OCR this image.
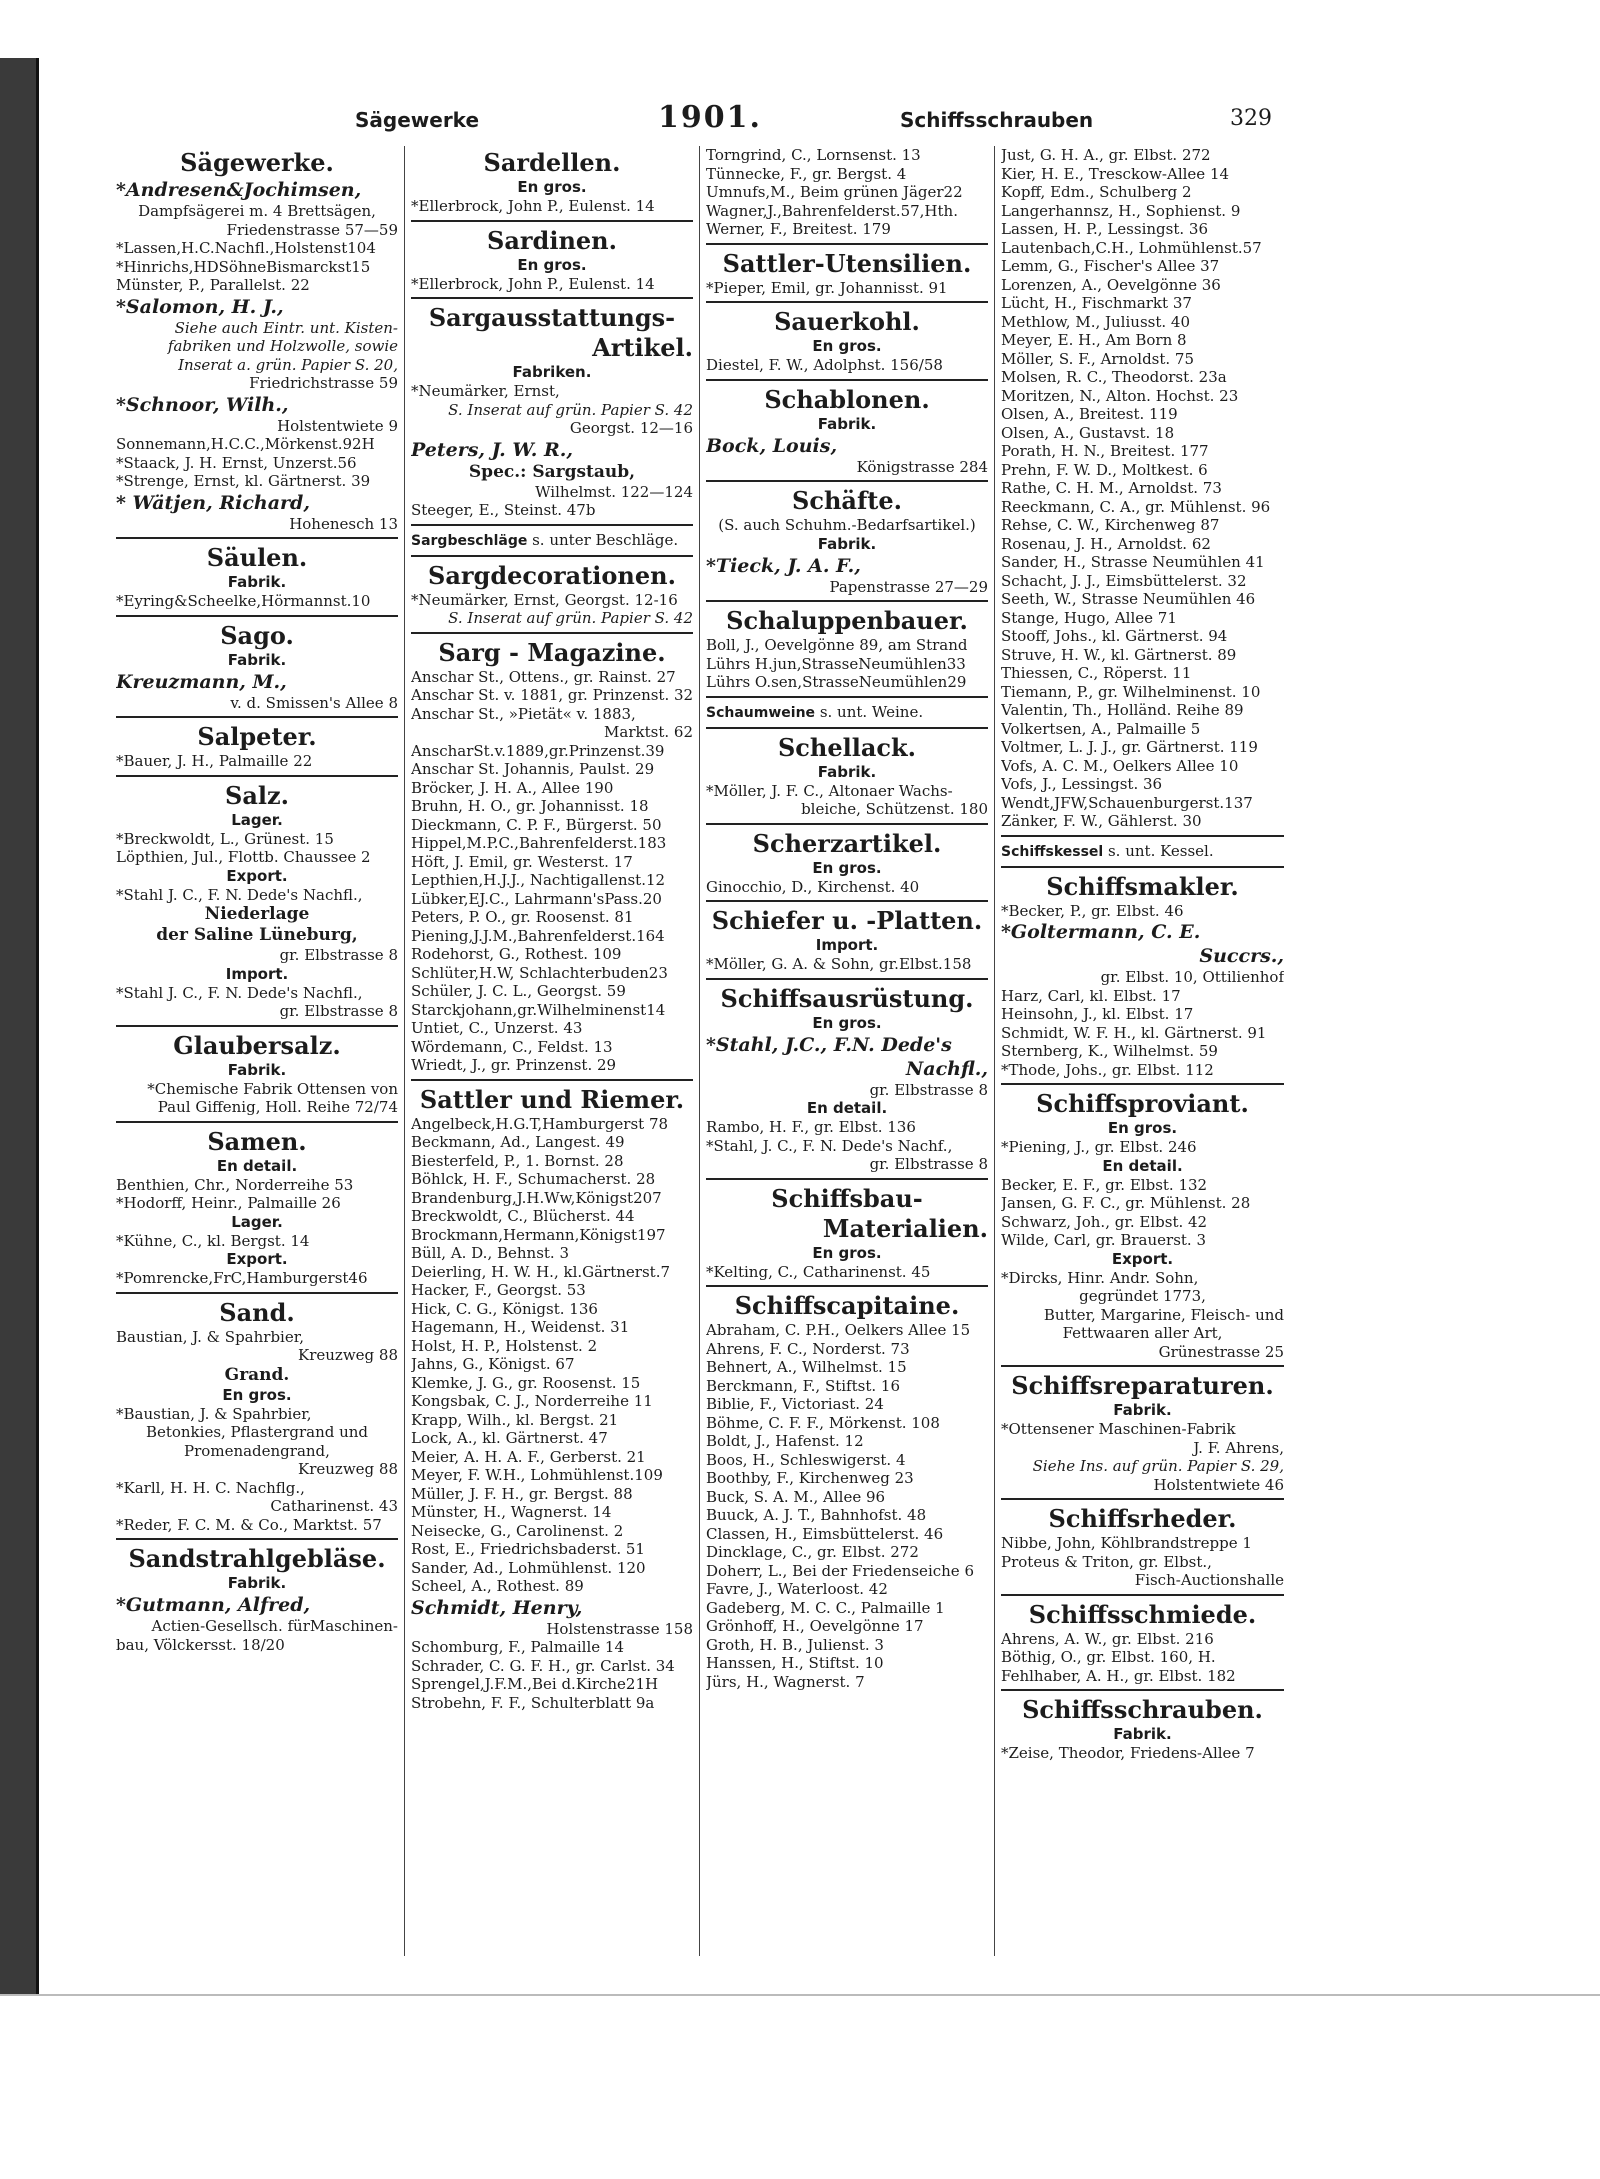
Sägewerke	1901.	Schiffsschrauben	329
Sägewerke.
*Andresen&Jochimsen,
Dampfsägerei m. 4 Brettsägen,
Friedenstrasse 57—59
*Lassen,H.C.Nachfl.,Holstenst104
*Hinrichs,HDSöhneBismarckst15
Münster, P., Parallelst. 22
*Salomon, H. J.,
Siehe auch Eintr. unt. Kisten-
fabriken und Holzwolle, sowie
Inserat a. grün. Papier S. 20,
Friedrichstrasse 59
*Schnoor, Wilh.,
Holstentwiete 9
Sonnemann,H.C.C.,Mörkenst.92H
*Staack, J. H. Ernst, Unzerst.56
*Strenge, Ernst, kl. Gärtnerst. 39
* Wätjen, Richard,
Hohenesch 13
Säulen.
Fabrik.
*Eyring&Scheelke,Hörmannst.10
Sago.
Fabrik.
Kreuzmann, M.,
v. d. Smissen's Allee 8
Salpeter.
*Bauer, J. H., Palmaille 22
Salz.
Lager.
*Breckwoldt, L., Grünest. 15
Löpthien, Jul., Flottb. Chaussee 2
Export.
*Stahl J. C., F. N. Dede's Nachfl.,
Niederlage
der Saline Lüneburg,
gr. Elbstrasse 8
Import.
*Stahl J. C., F. N. Dede's Nachfl.,
gr. Elbstrasse 8
Glaubersalz.
Fabrik.
*Chemische Fabrik Ottensen von
Paul Giffenig, Holl. Reihe 72/74
Samen.
En detail.
Benthien, Chr., Norderreihe 53
*Hodorff, Heinr., Palmaille 26
Lager.
*Kühne, C., kl. Bergst. 14
Export.
*Pomrencke,FrC,Hamburgerst46
Sand.
Baustian, J. & Spahrbier,
Kreuzweg 88
Grand.
En gros.
*Baustian, J. & Spahrbier,
Betonkies, Pflastergrand und
Promenadengrand,
Kreuzweg 88
*Karll, H. H. C. Nachflg.,
Catharinenst. 43
*Reder, F. C. M. & Co., Marktst. 57
Sandstrahlgebläse.
Fabrik.
*Gutmann, Alfred,
Actien-Gesellsch. fürMaschinen-
bau, Völckersst. 18/20
Sardellen.
En gros.
*Ellerbrock, John P., Eulenst. 14
Sardinen.
En gros.
*Ellerbrock, John P., Eulenst. 14
Sargausstattungs-
Artikel.
Fabriken.
*Neumärker, Ernst,
S. Inserat auf grün. Papier S. 42
Georgst. 12—16
Peters, J. W. R.,
Spec.: Sargstaub,
Wilhelmst. 122—124
Steeger, E., Steinst. 47b
Sargbeschläge s. unter Beschläge.
Sargdecorationen.
*Neumärker, Ernst, Georgst. 12-16
S. Inserat auf grün. Papier S. 42
Sarg - Magazine.
Anschar St., Ottens., gr. Rainst. 27
Anschar St. v. 1881, gr. Prinzenst. 32
Anschar St., »Pietät« v. 1883,
Marktst. 62
AnscharSt.v.1889,gr.Prinzenst.39
Anschar St. Johannis, Paulst. 29
Bröcker, J. H. A., Allee 190
Bruhn, H. O., gr. Johannisst. 18
Dieckmann, C. P. F., Bürgerst. 50
Hippel,M.P.C.,Bahrenfelderst.183
Höft, J. Emil, gr. Westerst. 17
Lepthien,H.J.J., Nachtigallenst.12
Lübker,EJ.C., Lahrmann'sPass.20
Peters, P. O., gr. Roosenst. 81
Piening,J.J.M.,Bahrenfelderst.164
Rodehorst, G., Rothest. 109
Schlüter,H.W, Schlachterbuden23
Schüler, J. C. L., Georgst. 59
Starckjohann,gr.Wilhelminenst14
Untiet, C., Unzerst. 43
Wördemann, C., Feldst. 13
Wriedt, J., gr. Prinzenst. 29
Sattler und Riemer.
Angelbeck,H.G.T,Hamburgerst 78
Beckmann, Ad., Langest. 49
Biesterfeld, P., 1. Bornst. 28
Böhlck, H. F., Schumacherst. 28
Brandenburg,J.H.Ww,Königst207
Breckwoldt, C., Blücherst. 44
Brockmann,Hermann,Königst197
Büll, A. D., Behnst. 3
Deierling, H. W. H., kl.Gärtnerst.7
Hacker, F., Georgst. 53
Hick, C. G., Königst. 136
Hagemann, H., Weidenst. 31
Holst, H. P., Holstenst. 2
Jahns, G., Königst. 67
Klemke, J. G., gr. Roosenst. 15
Kongsbak, C. J., Norderreihe 11
Krapp, Wilh., kl. Bergst. 21
Lock, A., kl. Gärtnerst. 47
Meier, A. H. A. F., Gerberst. 21
Meyer, F. W.H., Lohmühlenst.109
Müller, J. F. H., gr. Bergst. 88
Münster, H., Wagnerst. 14
Neisecke, G., Carolinenst. 2
Rost, E., Friedrichsbaderst. 51
Sander, Ad., Lohmühlenst. 120
Scheel, A., Rothest. 89
Schmidt, Henry,
Holstenstrasse 158
Schomburg, F., Palmaille 14
Schrader, C. G. F. H., gr. Carlst. 34
Sprengel,J.F.M.,Bei d.Kirche21H
Strobehn, F. F., Schulterblatt 9a
Torngrind, C., Lornsenst. 13
Tünnecke, F., gr. Bergst. 4
Umnufs,M., Beim grünen Jäger22
Wagner,J.,Bahrenfelderst.57,Hth.
Werner, F., Breitest. 179
Sattler-Utensilien.
*Pieper, Emil, gr. Johannisst. 91
Sauerkohl.
En gros.
Diestel, F. W., Adolphst. 156/58
Schablonen.
Fabrik.
Bock, Louis,
Königstrasse 284
Schäfte.
(S. auch Schuhm.-Bedarfsartikel.)
Fabrik.
*Tieck, J. A. F.,
Papenstrasse 27—29
Schaluppenbauer.
Boll, J., Oevelgönne 89, am Strand
Lührs H.jun,StrasseNeumühlen33
Lührs O.sen,StrasseNeumühlen29
Schaumweine s. unt. Weine.
Schellack.
Fabrik.
*Möller, J. F. C., Altonaer Wachs-
bleiche, Schützenst. 180
Scherzartikel.
En gros.
Ginocchio, D., Kirchenst. 40
Schiefer u. -Platten.
Import.
*Möller, G. A. & Sohn, gr.Elbst.158
Schiffsausrüstung.
En gros.
*Stahl, J.C., F.N. Dede's
Nachfl.,
gr. Elbstrasse 8
En detail.
Rambo, H. F., gr. Elbst. 136
*Stahl, J. C., F. N. Dede's Nachf.,
gr. Elbstrasse 8
Schiffsbau-
Materialien.
En gros.
*Kelting, C., Catharinenst. 45
Schiffscapitaine.
Abraham, C. P.H., Oelkers Allee 15
Ahrens, F. C., Norderst. 73
Behnert, A., Wilhelmst. 15
Berckmann, F., Stiftst. 16
Biblie, F., Victoriast. 24
Böhme, C. F. F., Mörkenst. 108
Boldt, J., Hafenst. 12
Boos, H., Schleswigerst. 4
Boothby, F., Kirchenweg 23
Buck, S. A. M., Allee 96
Buuck, A. J. T., Bahnhofst. 48
Classen, H., Eimsbüttelerst. 46
Dincklage, C., gr. Elbst. 272
Doherr, L., Bei der Friedenseiche 6
Favre, J., Waterloost. 42
Gadeberg, M. C. C., Palmaille 1
Grönhoff, H., Oevelgönne 17
Groth, H. B., Julienst. 3
Hanssen, H., Stiftst. 10
Jürs, H., Wagnerst. 7
Just, G. H. A., gr. Elbst. 272
Kier, H. E., Tresckow-Allee 14
Kopff, Edm., Schulberg 2
Langerhannsz, H., Sophienst. 9
Lassen, H. P., Lessingst. 36
Lautenbach,C.H., Lohmühlenst.57
Lemm, G., Fischer's Allee 37
Lorenzen, A., Oevelgönne 36
Lücht, H., Fischmarkt 37
Methlow, M., Juliusst. 40
Meyer, E. H., Am Born 8
Möller, S. F., Arnoldst. 75
Molsen, R. C., Theodorst. 23a
Moritzen, N., Alton. Hochst. 23
Olsen, A., Breitest. 119
Olsen, A., Gustavst. 18
Porath, H. N., Breitest. 177
Prehn, F. W. D., Moltkest. 6
Rathe, C. H. M., Arnoldst. 73
Reeckmann, C. A., gr. Mühlenst. 96
Rehse, C. W., Kirchenweg 87
Rosenau, J. H., Arnoldst. 62
Sander, H., Strasse Neumühlen 41
Schacht, J. J., Eimsbüttelerst. 32
Seeth, W., Strasse Neumühlen 46
Stange, Hugo, Allee 71
Stooff, Johs., kl. Gärtnerst. 94
Struve, H. W., kl. Gärtnerst. 89
Thiessen, C., Röperst. 11
Tiemann, P., gr. Wilhelminenst. 10
Valentin, Th., Holländ. Reihe 89
Volkertsen, A., Palmaille 5
Voltmer, L. J. J., gr. Gärtnerst. 119
Vofs, A. C. M., Oelkers Allee 10
Vofs, J., Lessingst. 36
Wendt,JFW,Schauenburgerst.137
Zänker, F. W., Gählerst. 30
Schiffskessel s. unt. Kessel.
Schiffsmakler.
*Becker, P., gr. Elbst. 46
*Goltermann, C. E.
Succrs.,
gr. Elbst. 10, Ottilienhof
Harz, Carl, kl. Elbst. 17
Heinsohn, J., kl. Elbst. 17
Schmidt, W. F. H., kl. Gärtnerst. 91
Sternberg, K., Wilhelmst. 59
*Thode, Johs., gr. Elbst. 112
Schiffsproviant.
En gros.
*Piening, J., gr. Elbst. 246
En detail.
Becker, E. F., gr. Elbst. 132
Jansen, G. F. C., gr. Mühlenst. 28
Schwarz, Joh., gr. Elbst. 42
Wilde, Carl, gr. Brauerst. 3
Export.
*Dircks, Hinr. Andr. Sohn,
gegründet 1773,
Butter, Margarine, Fleisch- und
Fettwaaren aller Art,
Grünestrasse 25
Schiffsreparaturen.
Fabrik.
*Ottensener Maschinen-Fabrik
J. F. Ahrens,
Siehe Ins. auf grün. Papier S. 29,
Holstentwiete 46
Schiffsrheder.
Nibbe, John, Köhlbrandstreppe 1
Proteus & Triton, gr. Elbst.,
Fisch-Auctionshalle
Schiffsschmiede.
Ahrens, A. W., gr. Elbst. 216
Böthig, O., gr. Elbst. 160, H.
Fehlhaber, A. H., gr. Elbst. 182
Schiffsschrauben.
Fabrik.
*Zeise, Theodor, Friedens-Allee 7
